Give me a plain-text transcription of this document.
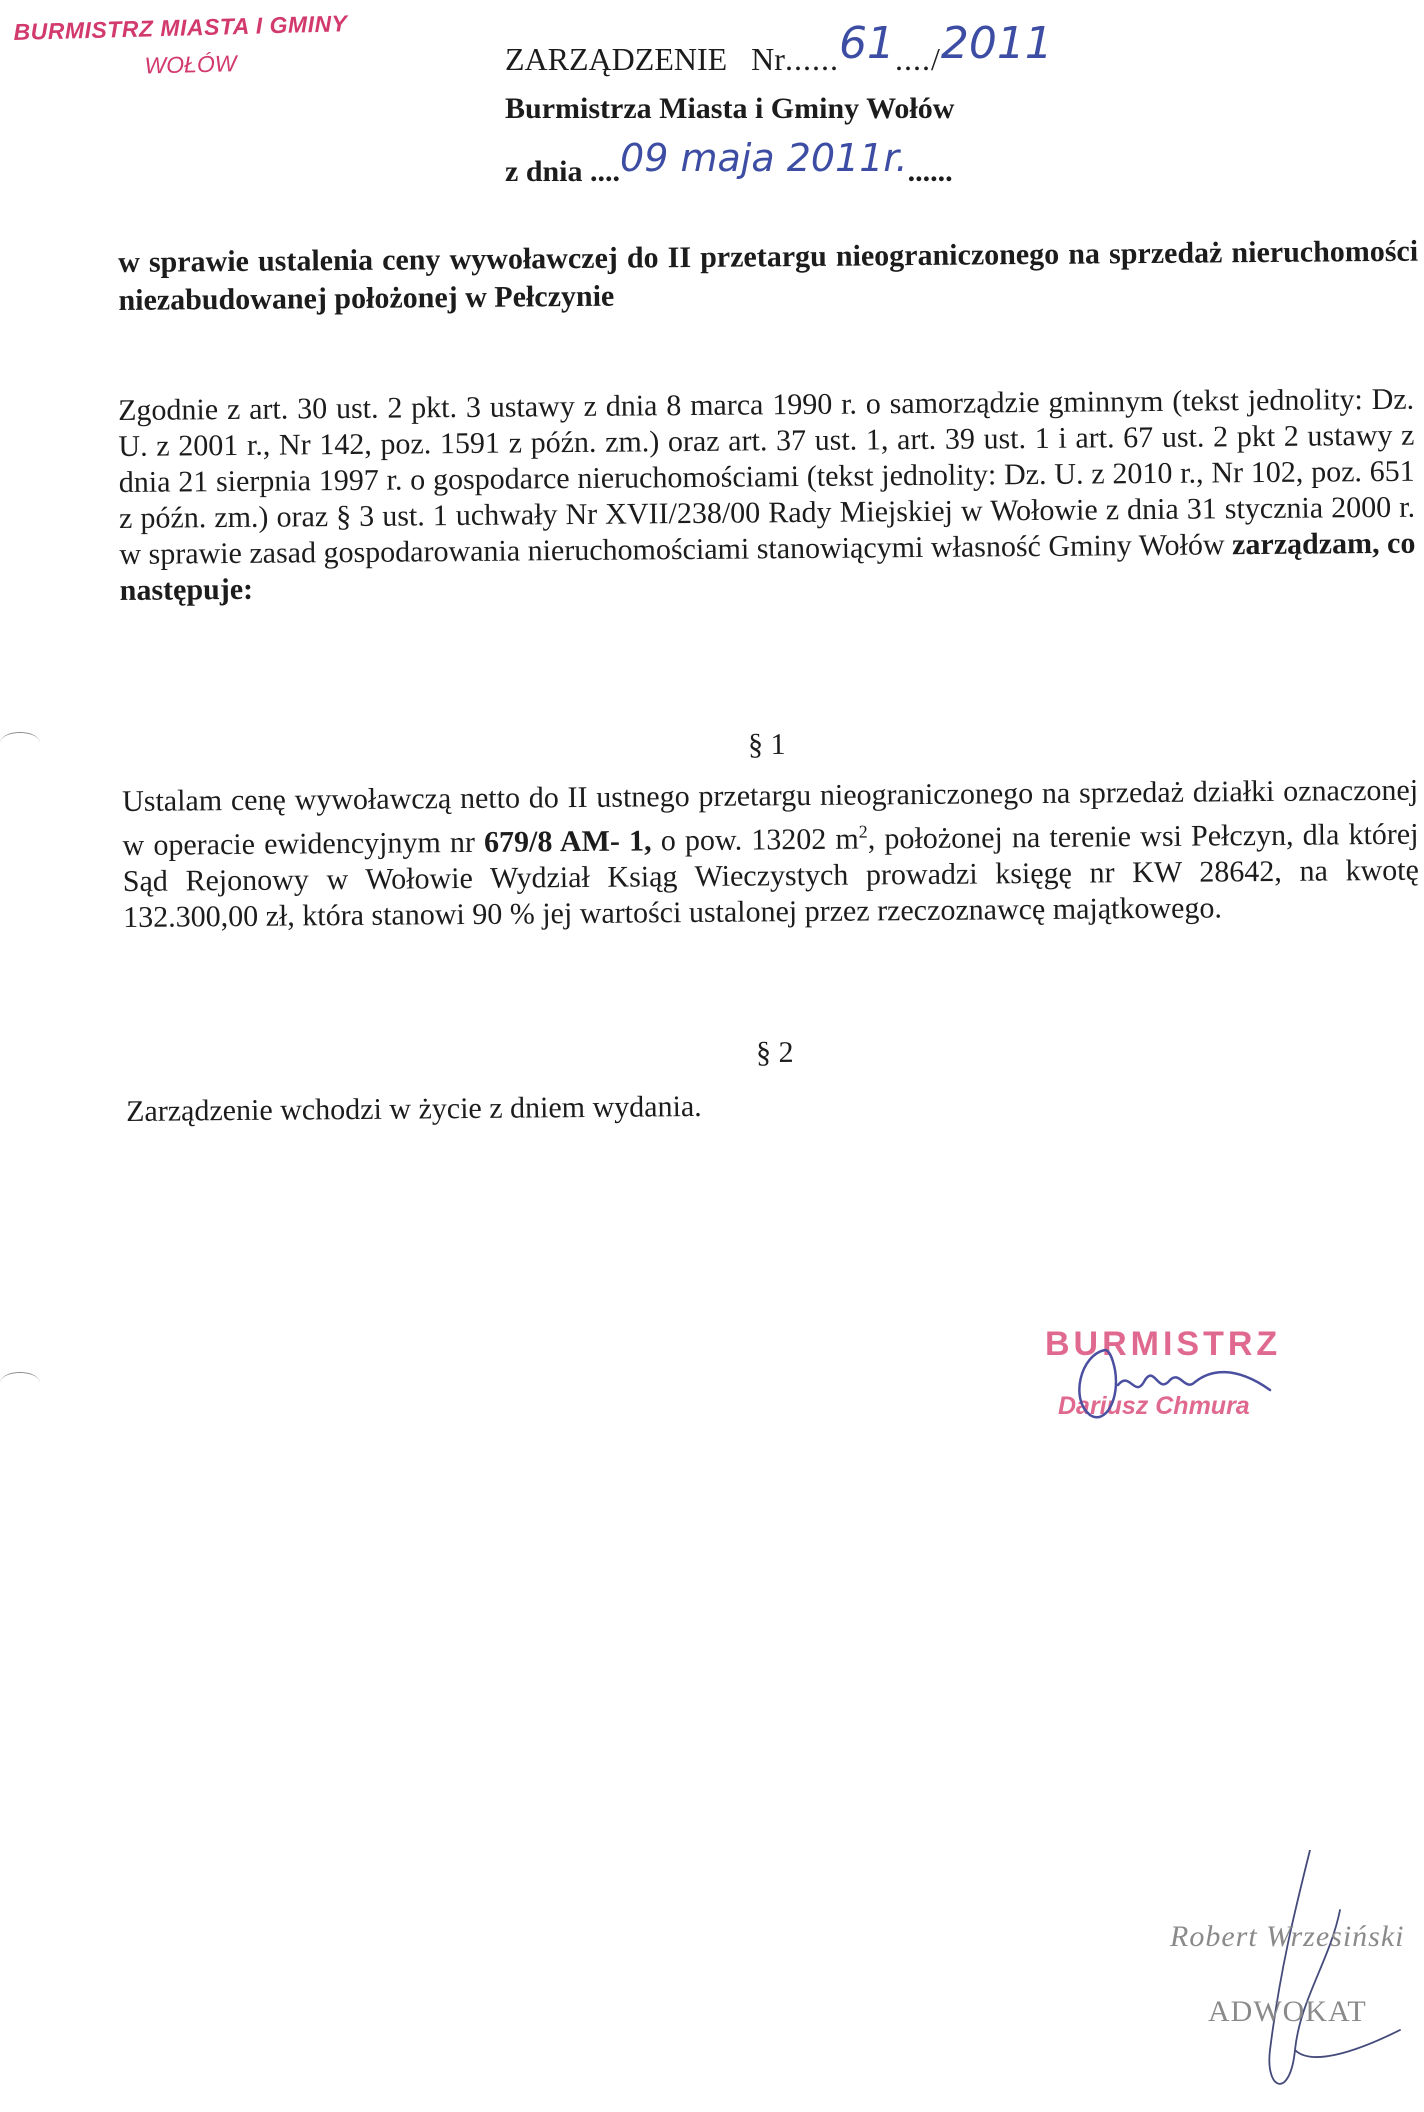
BURMISTRZ MIASTA I GMINY
WOŁÓW	ZARZĄDZENIE Nr......61..../2011
Burmistrza Miasta i Gminy Wołów
z dnia ....09 maja 2011r.......

w sprawie ustalenia ceny wywoławczej do II przetargu nieograniczonego na sprzedaż nieruchomości niezabudowanej położonej w Pełczynie

Zgodnie z art. 30 ust. 2 pkt. 3 ustawy z dnia 8 marca 1990 r. o samorządzie gminnym (tekst jednolity: Dz. U. z 2001 r., Nr 142, poz. 1591 z późn. zm.) oraz art. 37 ust. 1, art. 39 ust. 1 i art. 67 ust. 2 pkt 2 ustawy z dnia 21 sierpnia 1997 r. o gospodarce nieruchomościami (tekst jednolity: Dz. U. z 2010 r., Nr 102, poz. 651 z późn. zm.) oraz § 3 ust. 1 uchwały Nr XVII/238/00 Rady Miejskiej w Wołowie z dnia 31 stycznia 2000 r. w sprawie zasad gospodarowania nieruchomościami stanowiącymi własność Gminy Wołów zarządzam, co następuje:

§ 1

Ustalam cenę wywoławczą netto do II ustnego przetargu nieograniczonego na sprzedaż działki oznaczonej w operacie ewidencyjnym nr 679/8 AM- 1, o pow. 13202 $m^2$, położonej na terenie wsi Pełczyn, dla której Sąd Rejonowy w Wołowie Wydział Ksiąg Wieczystych prowadzi księgę nr KW 28642, na kwotę 132.300,00 zł, która stanowi 90 % jej wartości ustalonej przez rzeczoznawcę majątkowego.

§ 2

Zarządzenie wchodzi w życie z dniem wydania.

BURMISTRZ
Dariusz Chmura
Robert Wrzesiński
ADWOKAT
